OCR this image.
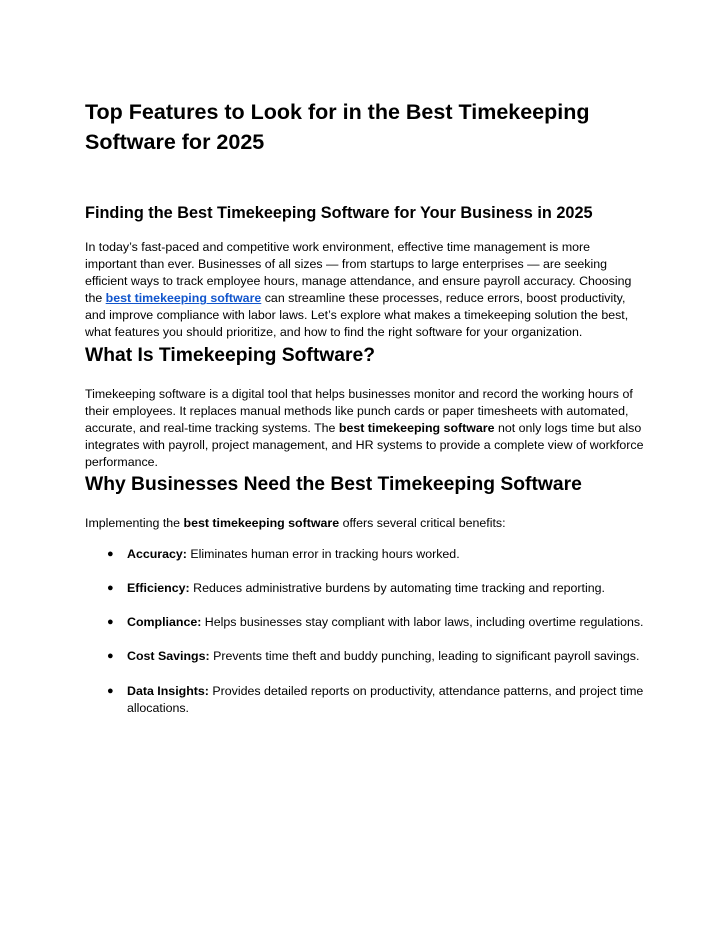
Top Features to Look for in the Best Timekeeping Software for 2025
Finding the Best Timekeeping Software for Your Business in 2025

In today’s fast-paced and competitive work environment, effective time management is more important than ever. Businesses of all sizes — from startups to large enterprises — are seeking efficient ways to track employee hours, manage attendance, and ensure payroll accuracy. Choosing the best timekeeping software can streamline these processes, reduce errors, boost productivity, and improve compliance with labor laws. Let’s explore what makes a timekeeping solution the best, what features you should prioritize, and how to find the right software for your organization.

What Is Timekeeping Software?

Timekeeping software is a digital tool that helps businesses monitor and record the working hours of their employees. It replaces manual methods like punch cards or paper timesheets with automated, accurate, and real-time tracking systems. The best timekeeping software not only logs time but also integrates with payroll, project management, and HR systems to provide a complete view of workforce performance.

Why Businesses Need the Best Timekeeping Software

Implementing the best timekeeping software offers several critical benefits:

● Accuracy: Eliminates human error in tracking hours worked.
● Efficiency: Reduces administrative burdens by automating time tracking and reporting.
● Compliance: Helps businesses stay compliant with labor laws, including overtime regulations.
● Cost Savings: Prevents time theft and buddy punching, leading to significant payroll savings.
● Data Insights: Provides detailed reports on productivity, attendance patterns, and project time allocations.
